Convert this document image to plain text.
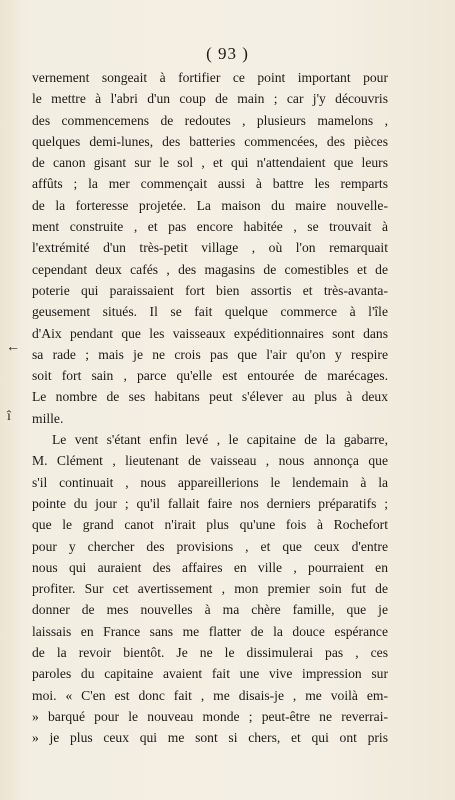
( 93 )
←
î
vernement songeait à fortifier ce point important pour
le mettre à l'abri d'un coup de main ; car j'y découvris
des commencemens de redoutes , plusieurs mamelons ,
quelques demi-lunes, des batteries commencées, des pièces
de canon gisant sur le sol , et qui n'attendaient que leurs
affûts ; la mer commençait aussi à battre les remparts
de la forteresse projetée. La maison du maire nouvelle-
ment construite , et pas encore habitée , se trouvait à
l'extrémité d'un très-petit village , où l'on remarquait
cependant deux cafés , des magasins de comestibles et de
poterie qui paraissaient fort bien assortis et très-avanta-
geusement situés. Il se fait quelque commerce à l'île
d'Aix pendant que les vaisseaux expéditionnaires sont dans
sa rade ; mais je ne crois pas que l'air qu'on y respire
soit fort sain , parce qu'elle est entourée de marécages.
Le nombre de ses habitans peut s'élever au plus à deux
mille.
Le vent s'étant enfin levé , le capitaine de la gabarre,
M. Clément , lieutenant de vaisseau , nous annonça que
s'il continuait , nous appareillerions le lendemain à la
pointe du jour ; qu'il fallait faire nos derniers préparatifs ;
que le grand canot n'irait plus qu'une fois à Rochefort
pour y chercher des provisions , et que ceux d'entre
nous qui auraient des affaires en ville , pourraient en
profiter. Sur cet avertissement , mon premier soin fut de
donner de mes nouvelles à ma chère famille, que je
laissais en France sans me flatter de la douce espérance
de la revoir bientôt. Je ne le dissimulerai pas , ces
paroles du capitaine avaient fait une vive impression sur
moi. « C'en est donc fait , me disais-je , me voilà em-
» barqué pour le nouveau monde ; peut-être ne reverrai-
» je plus ceux qui me sont si chers, et qui ont pris
